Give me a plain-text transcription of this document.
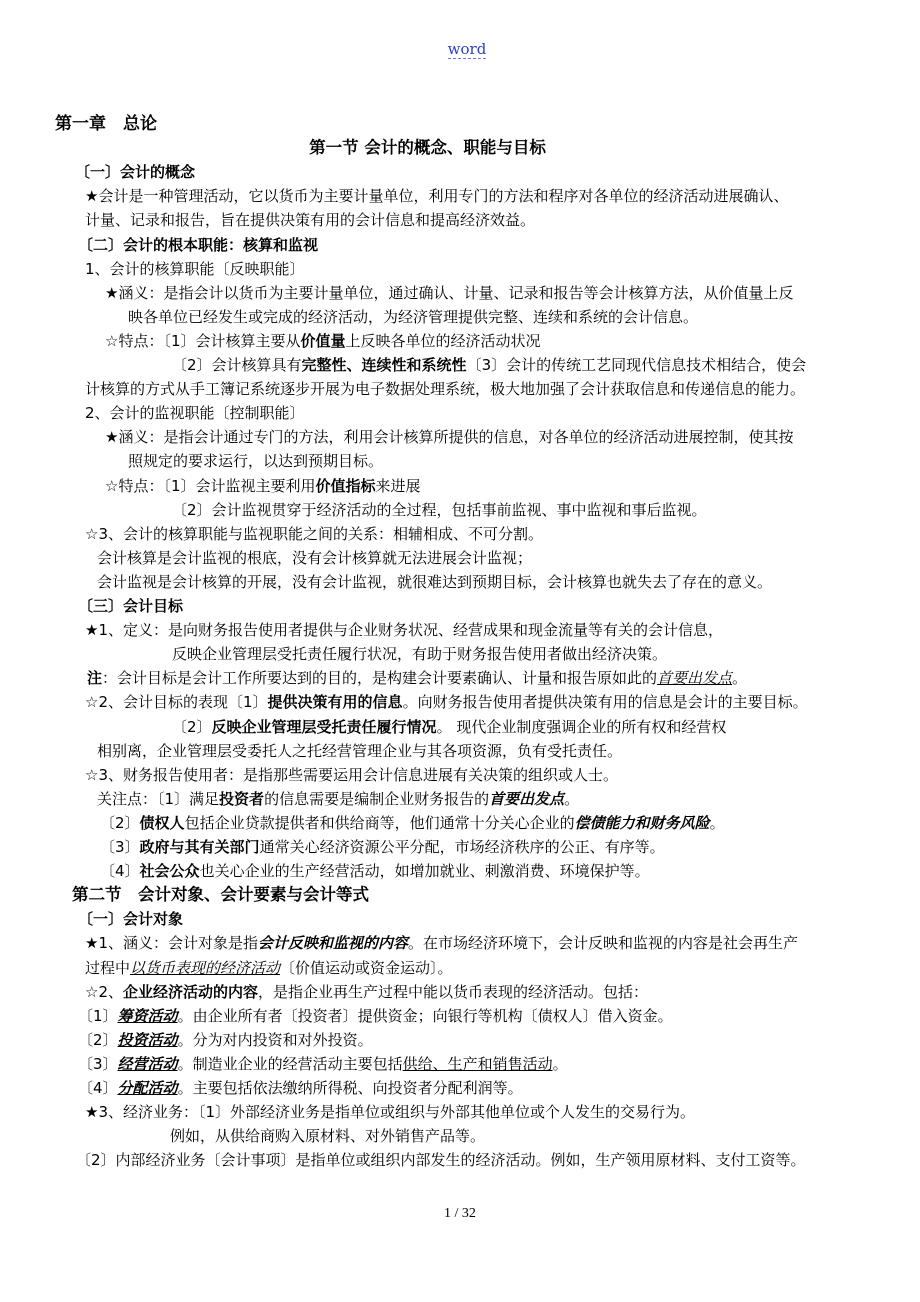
word
第一章　总论
第一节 会计的概念、职能与目标
〔一〕会计的概念
★会计是一种管理活动，它以货币为主要计量单位，利用专门的方法和程序对各单位的经济活动进展确认、
计量、记录和报告，旨在提供决策有用的会计信息和提高经济效益。
〔二〕会计的根本职能：核算和监视
1、会计的核算职能〔反映职能〕
★涵义：是指会计以货币为主要计量单位，通过确认、计量、记录和报告等会计核算方法，从价值量上反
映各单位已经发生或完成的经济活动，为经济管理提供完整、连续和系统的会计信息。
☆特点：〔1〕会计核算主要从价值量上反映各单位的经济活动状况
〔2〕会计核算具有完整性、连续性和系统性〔3〕会计的传统工艺同现代信息技术相结合，使会
计核算的方式从手工簿记系统逐步开展为电子数据处理系统，极大地加强了会计获取信息和传递信息的能力。
2、会计的监视职能〔控制职能〕
★涵义：是指会计通过专门的方法，利用会计核算所提供的信息，对各单位的经济活动进展控制，使其按
照规定的要求运行，以达到预期目标。
☆特点：〔1〕会计监视主要利用价值指标来进展
〔2〕会计监视贯穿于经济活动的全过程，包括事前监视、事中监视和事后监视。
☆3、会计的核算职能与监视职能之间的关系：相辅相成、不可分割。
会计核算是会计监视的根底，没有会计核算就无法进展会计监视；
会计监视是会计核算的开展，没有会计监视，就很难达到预期目标，会计核算也就失去了存在的意义。
〔三〕会计目标
★1、定义：是向财务报告使用者提供与企业财务状况、经营成果和现金流量等有关的会计信息，
反映企业管理层受托责任履行状况，有助于财务报告使用者做出经济决策。
注：会计目标是会计工作所要达到的目的，是构建会计要素确认、计量和报告原如此的首要出发点。
☆2、会计目标的表现〔1〕提供决策有用的信息。向财务报告使用者提供决策有用的信息是会计的主要目标。
〔2〕反映企业管理层受托责任履行情况。 现代企业制度强调企业的所有权和经营权
相别离，企业管理层受委托人之托经营管理企业与其各项资源，负有受托责任。
☆3、财务报告使用者：是指那些需要运用会计信息进展有关决策的组织或人士。
关注点：〔1〕满足投资者的信息需要是编制企业财务报告的首要出发点。
〔2〕债权人包括企业贷款提供者和供给商等，他们通常十分关心企业的偿债能力和财务风险。
〔3〕政府与其有关部门通常关心经济资源公平分配，市场经济秩序的公正、有序等。
〔4〕社会公众也关心企业的生产经营活动，如增加就业、刺激消费、环境保护等。
第二节　会计对象、会计要素与会计等式
〔一〕会计对象
★1、涵义：会计对象是指会计反映和监视的内容。在市场经济环境下，会计反映和监视的内容是社会再生产
过程中以货币表现的经济活动〔价值运动或资金运动〕。
☆2、企业经济活动的内容，是指企业再生产过程中能以货币表现的经济活动。包括：
〔1〕筹资活动。由企业所有者〔投资者〕提供资金；向银行等机构〔债权人〕借入资金。
〔2〕投资活动。分为对内投资和对外投资。
〔3〕经营活动。制造业企业的经营活动主要包括供给、生产和销售活动。
〔4〕分配活动。主要包括依法缴纳所得税、向投资者分配利润等。
★3、经济业务：〔1〕外部经济业务是指单位或组织与外部其他单位或个人发生的交易行为。
例如，从供给商购入原材料、对外销售产品等。
〔2〕内部经济业务〔会计事项〕是指单位或组织内部发生的经济活动。例如，生产领用原材料、支付工资等。
1 / 32
